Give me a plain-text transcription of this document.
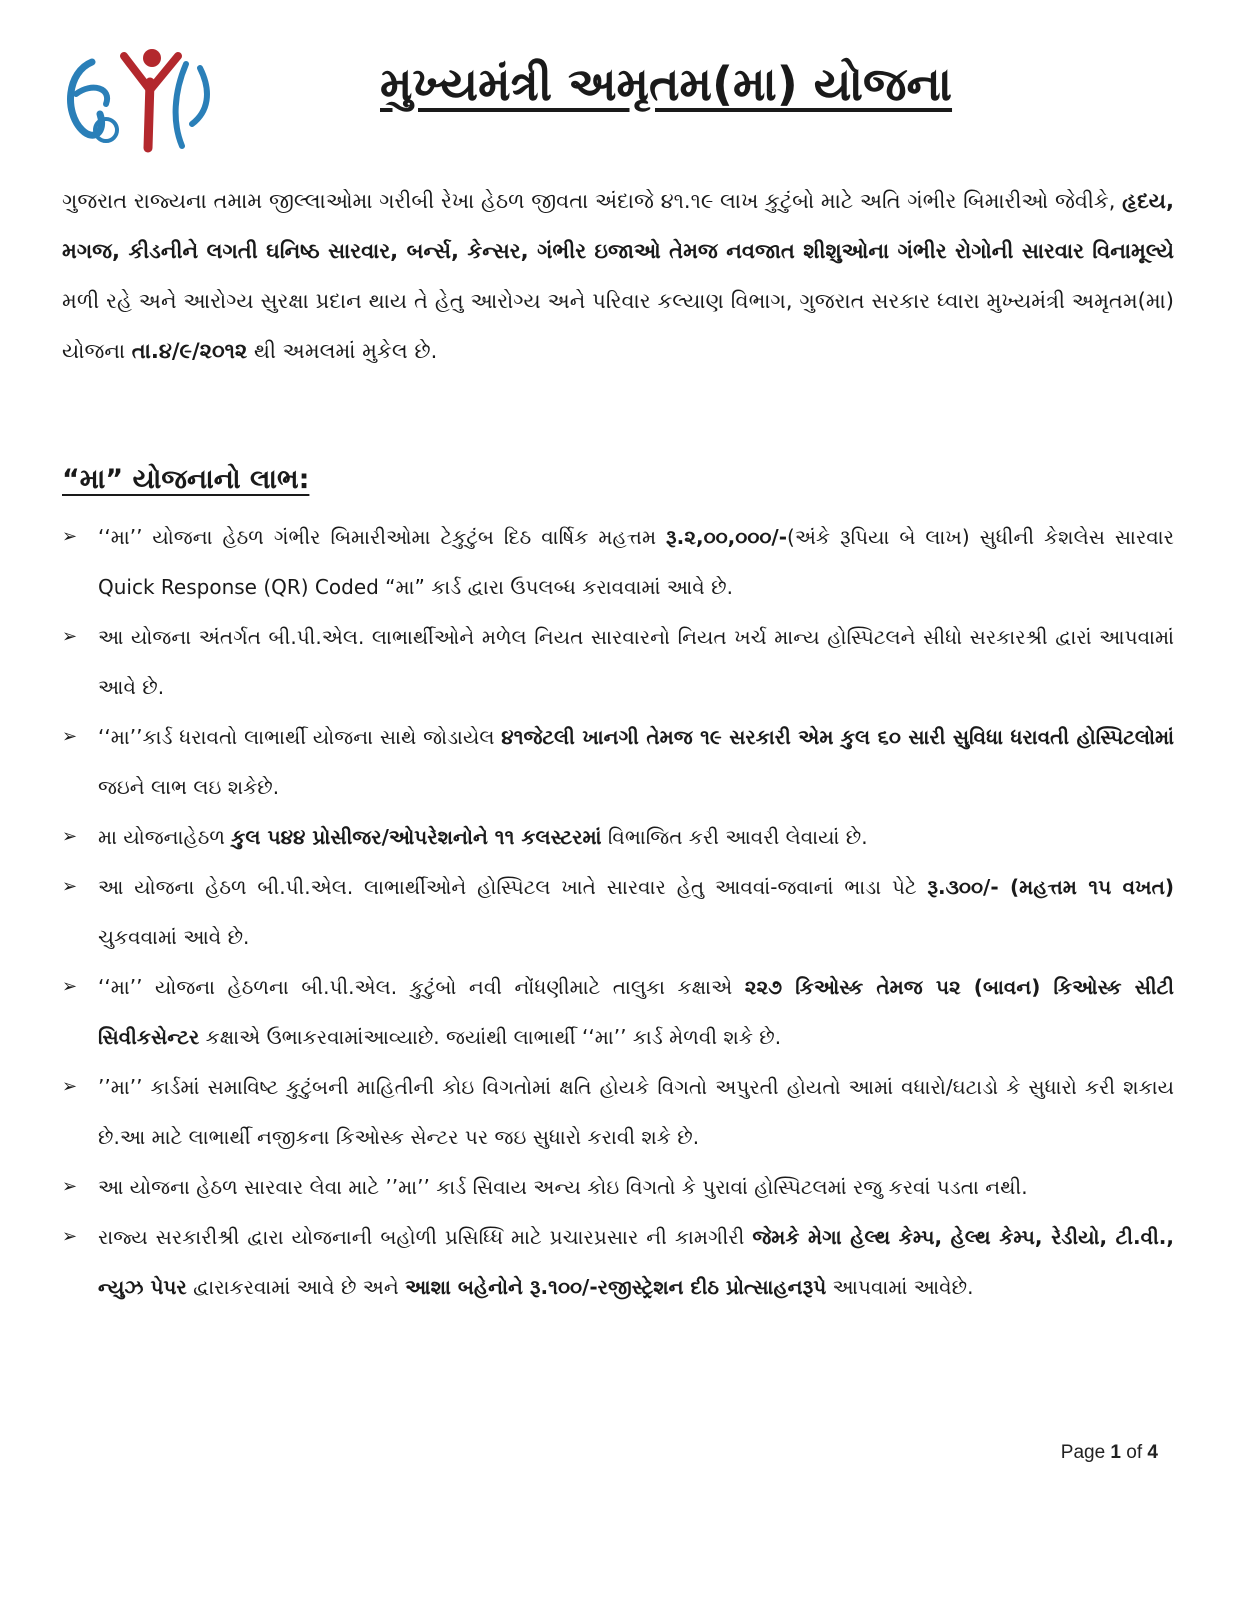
મુખ્યમંત્રી અમૃતમ(મા) યોજના

ગુજરાત રાજ્યના તમામ જીલ્લાઓમા ગરીબી રેખા હેઠળ જીવતા અંદાજે ૪૧.૧૯ લાખ કુટુંબો માટે અતિ ગંભીર બિમારીઓ જેવીકે, હૃદય, મગજ, કીડનીને લગતી ઘનિષ્ઠ સારવાર, બર્ન્સ, કેન્સર, ગંભીર ઇજાઓ તેમજ નવજાત શીશુઓના ગંભીર રોગોની સારવાર વિનામૂલ્યે મળી રહે અને આરોગ્ય સુરક્ષા પ્રદાન થાય તે હેતુ આરોગ્ય અને પરિવાર કલ્યાણ વિભાગ, ગુજરાત સરકાર ધ્વારા મુખ્યમંત્રી અમૃતમ(મા) યોજના તા.૪/૯/૨૦૧૨ થી અમલમાં મુકેલ છે.

“મા” યોજનાનો લાભ:
➢	‘‘મા’’ યોજના હેઠળ ગંભીર બિમારીઓમા ટેકુટુંબ દિઠ વાર્ષિક મહત્તમ રૂ.૨,૦૦,૦૦૦/-(અંકે રૂપિયા બે લાખ) સુધીની કેશલેસ સારવાર Quick Response (QR) Coded “મા” કાર્ડ દ્વારા ઉપલબ્ધ કરાવવામાં આવે છે.
➢	આ યોજના અંતર્ગત બી.પી.એલ. લાભાર્થીઓને મળેલ નિયત સારવારનો નિયત ખર્ચ માન્ય હોસ્પિટલને સીધો સરકારશ્રી દ્વારાં આપવામાં આવે છે.
➢	‘‘મા’’કાર્ડ ધરાવતો લાભાર્થી યોજના સાથે જોડાયેલ ૪૧જેટલી ખાનગી તેમજ ૧૯ સરકારી એમ કુલ ૬૦ સારી સુવિધા ધરાવતી હોસ્પિટલોમાં જઇને લાભ લઇ શકેછે.
➢	મા યોજનાહેઠળ કુલ ૫૪૪ પ્રોસીજર/ઓપરેશનોને ૧૧ કલસ્ટરમાં વિભાજિત કરી આવરી લેવાયાં છે.
➢	આ યોજના હેઠળ બી.પી.એલ. લાભાર્થીઓને હોસ્પિટલ ખાતે સારવાર હેતુ આવવાં-જવાનાં ભાડા પેટે રૂ.૩૦૦/- (મહત્તમ ૧૫ વખત) ચુકવવામાં આવે છે.
➢	‘‘મા’’ યોજના હેઠળના બી.પી.એલ. કુટુંબો નવી નોંધણીમાટે તાલુકા કક્ષાએ ૨૨૭ કિઓસ્ક તેમજ ૫૨ (બાવન) કિઓસ્ક સીટી સિવીકસેન્ટર કક્ષાએ ઉભાકરવામાંઆવ્યાછે. જયાંથી લાભાર્થી ‘‘મા’’ કાર્ડ મેળવી શકે છે.
➢	’’મા’’ કાર્ડમાં સમાવિષ્ટ કુટુંબની માહિતીની કોઇ વિગતોમાં ક્ષતિ હોયકે વિગતો અપુરતી હોયતો આમાં વધારો/ઘટાડો કે સુધારો કરી શકાય છે.આ માટે લાભાર્થી નજીકના કિઓસ્ક સેન્ટર પર જઇ સુધારો કરાવી શકે છે.
➢	આ યોજના હેઠળ સારવાર લેવા માટે ’’મા’’ કાર્ડ સિવાય અન્ય કોઇ વિગતો કે પુરાવાં હોસ્પિટલમાં રજુ કરવાં પડતા નથી.
➢	રાજ્ય સરકારીશ્રી દ્વારા યોજનાની બહોળી પ્રસિધ્ધિ માટે પ્રચારપ્રસાર ની કામગીરી જેમકે મેગા હેલ્થ કેમ્પ, હેલ્થ કેમ્પ, રેડીયો, ટી.વી., ન્યુઝ પેપર દ્વારાકરવામાં આવે છે અને આશા બહેનોને રૂ.૧૦૦/-રજીસ્ટ્રેશન દીઠ પ્રોત્સાહનરૂપે આપવામાં આવેછે.
Page 1 of 4
